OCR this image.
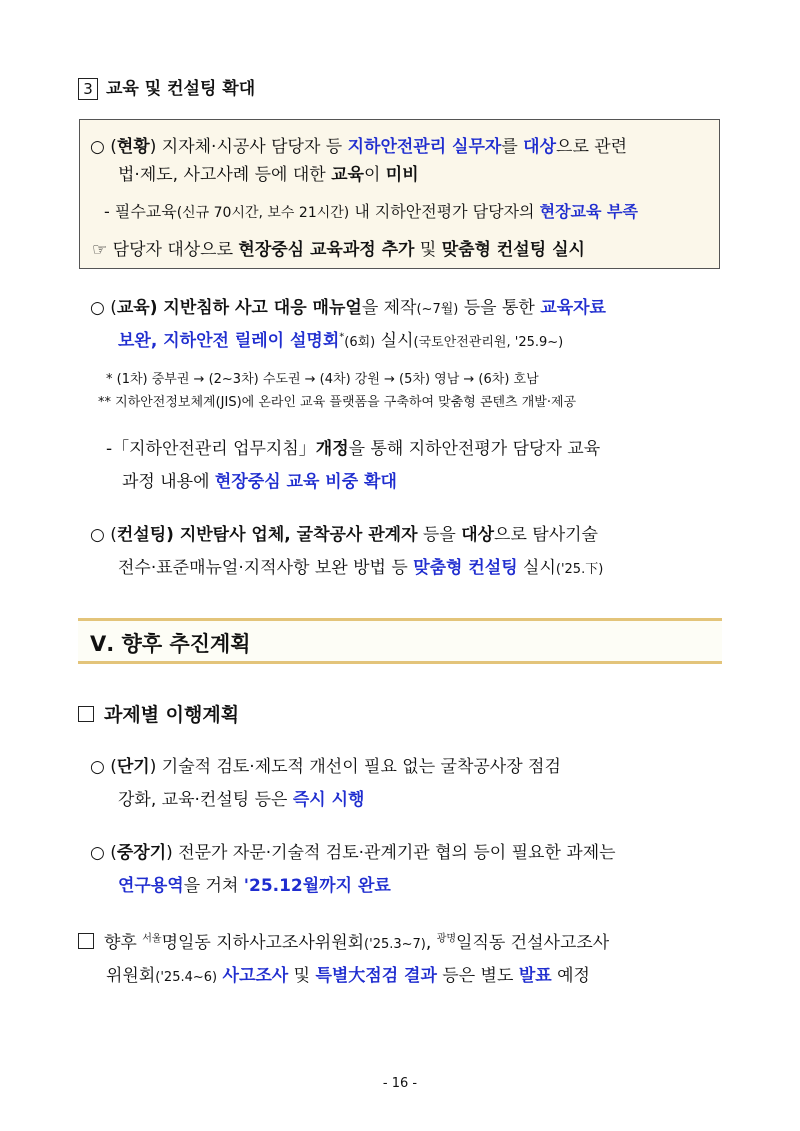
3 교육 및 컨설팅 확대
○ (현황) 지자체·시공사 담당자 등 지하안전관리 실무자를 대상으로 관련
법·제도, 사고사례 등에 대한 교육이 미비
- 필수교육(신규 70시간, 보수 21시간) 내 지하안전평가 담당자의 현장교육 부족
☞ 담당자 대상으로 현장중심 교육과정 추가 및 맞춤형 컨설팅 실시
○ (교육) 지반침하 사고 대응 매뉴얼을 제작(~7월) 등을 통한 교육자료
보완, 지하안전 릴레이 설명회*(6회) 실시(국토안전관리원, '25.9~)
* (1차) 중부권 → (2~3차) 수도권 → (4차) 강원 → (5차) 영남 → (6차) 호남
** 지하안전정보체계(JIS)에 온라인 교육 플랫폼을 구축하여 맞춤형 콘텐츠 개발·제공
-「지하안전관리 업무지침」개정을 통해 지하안전평가 담당자 교육
과정 내용에 현장중심 교육 비중 확대
○ (컨설팅) 지반탐사 업체, 굴착공사 관계자 등을 대상으로 탐사기술
전수·표준매뉴얼·지적사항 보완 방법 등 맞춤형 컨설팅 실시('25.下)
Ⅴ. 향후 추진계획
과제별 이행계획
○ (단기) 기술적 검토·제도적 개선이 필요 없는 굴착공사장 점검
강화, 교육·컨설팅 등은 즉시 시행
○ (중장기) 전문가 자문·기술적 검토·관계기관 협의 등이 필요한 과제는
연구용역을 거쳐 '25.12월까지 완료
향후 $^{서울}$명일동 지하사고조사위원회('25.3~7), $^{광명}$일직동 건설사고조사
위원회('25.4~6) 사고조사 및 특별大점검 결과 등은 별도 발표 예정
- 16 -
